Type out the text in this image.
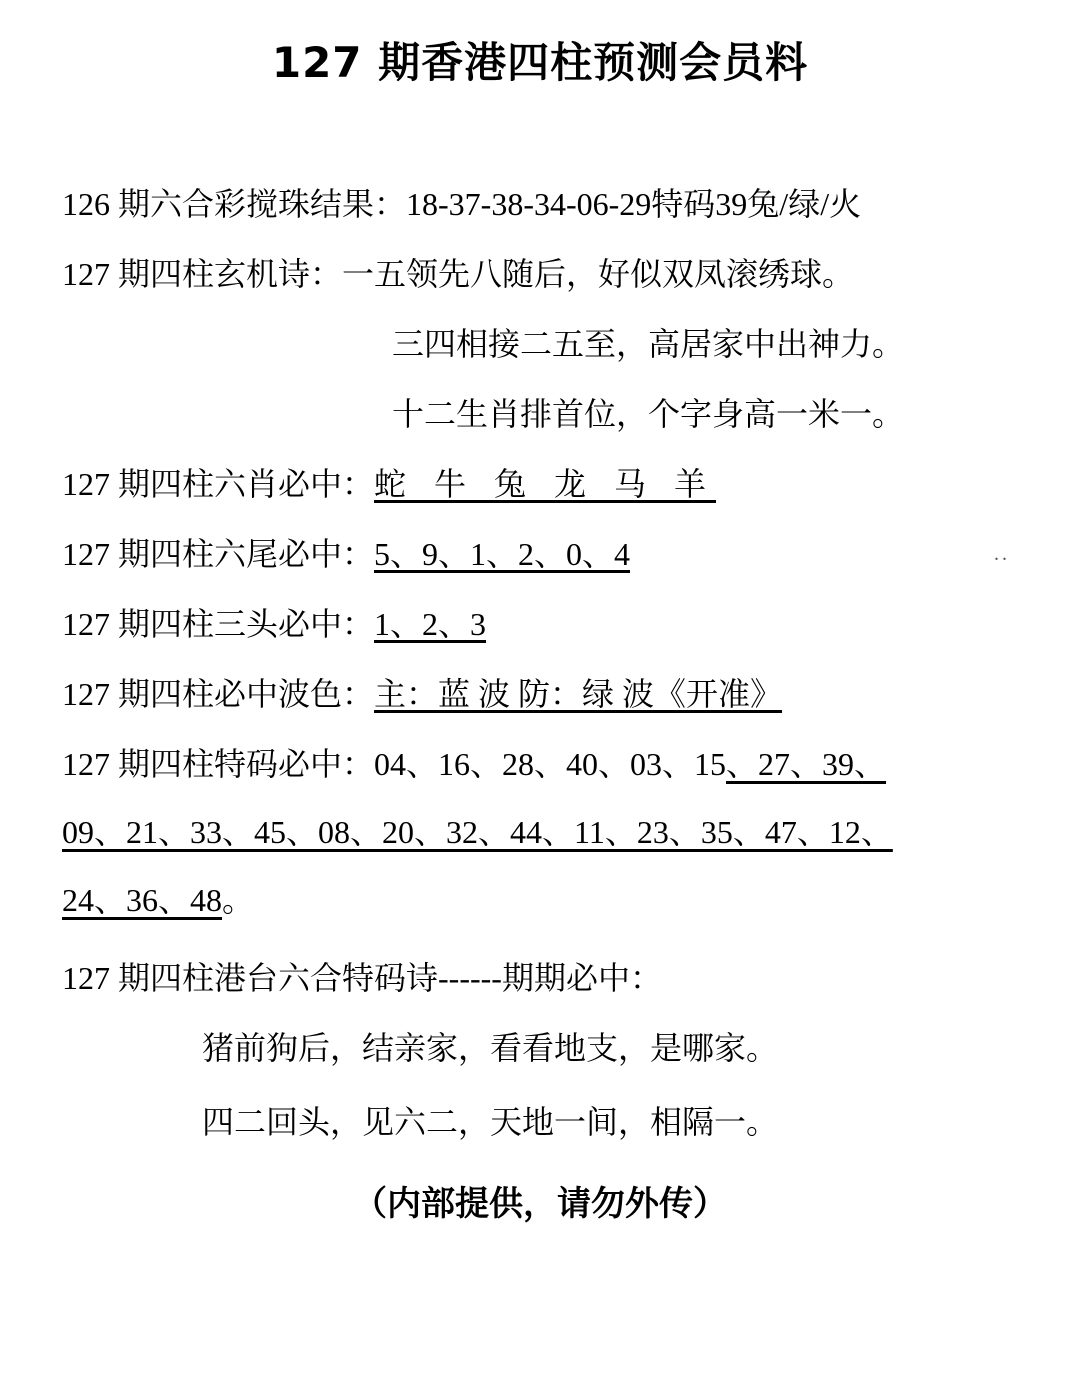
127 期香港四柱预测会员料
126 期六合彩搅珠结果：18-37-38-34-06-29特码39兔/绿/火
127 期四柱玄机诗：一五领先八随后，好似双凤滚绣球。
三四相接二五至，高居家中出神力。
十二生肖排首位，个字身高一米一。
127 期四柱六肖必中：蛇 牛 兔 龙 马 羊
..
127 期四柱六尾必中：5、9、1、2、0、4
127 期四柱三头必中：1、2、3
127 期四柱必中波色：主：蓝 波 防：绿 波《开准》
127 期四柱特码必中：04、16、28、40、03、15、27、39、
09、21、33、45、08、20、32、44、11、23、35、47、12、
24、36、48。
127 期四柱港台六合特码诗------期期必中：
猪前狗后，结亲家，看看地支，是哪家。
四二回头，见六二，天地一间，相隔一。
（内部提供，请勿外传）
